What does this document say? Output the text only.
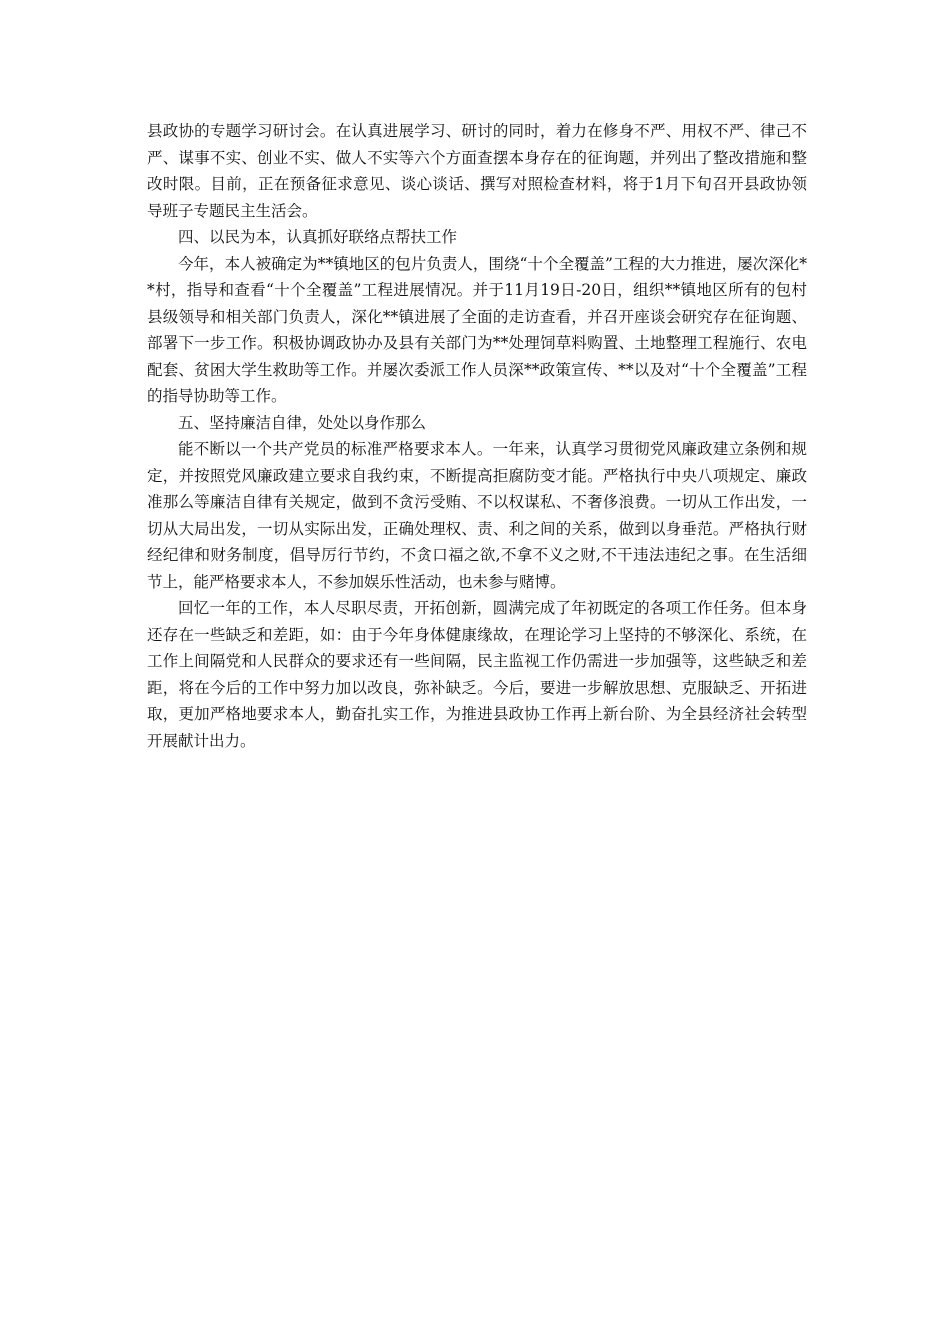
县政协的专题学习研讨会。在认真进展学习、研讨的同时，着力在修身不严、用权不严、律己不严、谋事不实、创业不实、做人不实等六个方面查摆本身存在的征询题，并列出了整改措施和整改时限。目前，正在预备征求意见、谈心谈话、撰写对照检查材料，将于1月下旬召开县政协领导班子专题民主生活会。

四、以民为本，认真抓好联络点帮扶工作

今年，本人被确定为**镇地区的包片负责人，围绕“十个全覆盖”工程的大力推进，屡次深化**村，指导和查看“十个全覆盖”工程进展情况。并于11月19日-20日，组织**镇地区所有的包村县级领导和相关部门负责人，深化**镇进展了全面的走访查看，并召开座谈会研究存在征询题、部署下一步工作。积极协调政协办及县有关部门为**处理饲草料购置、土地整理工程施行、农电配套、贫困大学生救助等工作。并屡次委派工作人员深**政策宣传、**以及对“十个全覆盖”工程的指导协助等工作。

五、坚持廉洁自律，处处以身作那么

能不断以一个共产党员的标准严格要求本人。一年来，认真学习贯彻党风廉政建立条例和规定，并按照党风廉政建立要求自我约束，不断提高拒腐防变才能。严格执行中央八项规定、廉政准那么等廉洁自律有关规定，做到不贪污受贿、不以权谋私、不奢侈浪费。一切从工作出发，一切从大局出发，一切从实际出发，正确处理权、责、利之间的关系，做到以身垂范。严格执行财经纪律和财务制度，倡导厉行节约，不贪口福之欲,不拿不义之财,不干违法违纪之事。在生活细节上，能严格要求本人，不参加娱乐性活动，也未参与赌博。

回忆一年的工作，本人尽职尽责，开拓创新，圆满完成了年初既定的各项工作任务。但本身还存在一些缺乏和差距，如：由于今年身体健康缘故，在理论学习上坚持的不够深化、系统，在工作上间隔党和人民群众的要求还有一些间隔，民主监视工作仍需进一步加强等，这些缺乏和差距，将在今后的工作中努力加以改良，弥补缺乏。今后，要进一步解放思想、克服缺乏、开拓进取，更加严格地要求本人，勤奋扎实工作，为推进县政协工作再上新台阶、为全县经济社会转型开展献计出力。
